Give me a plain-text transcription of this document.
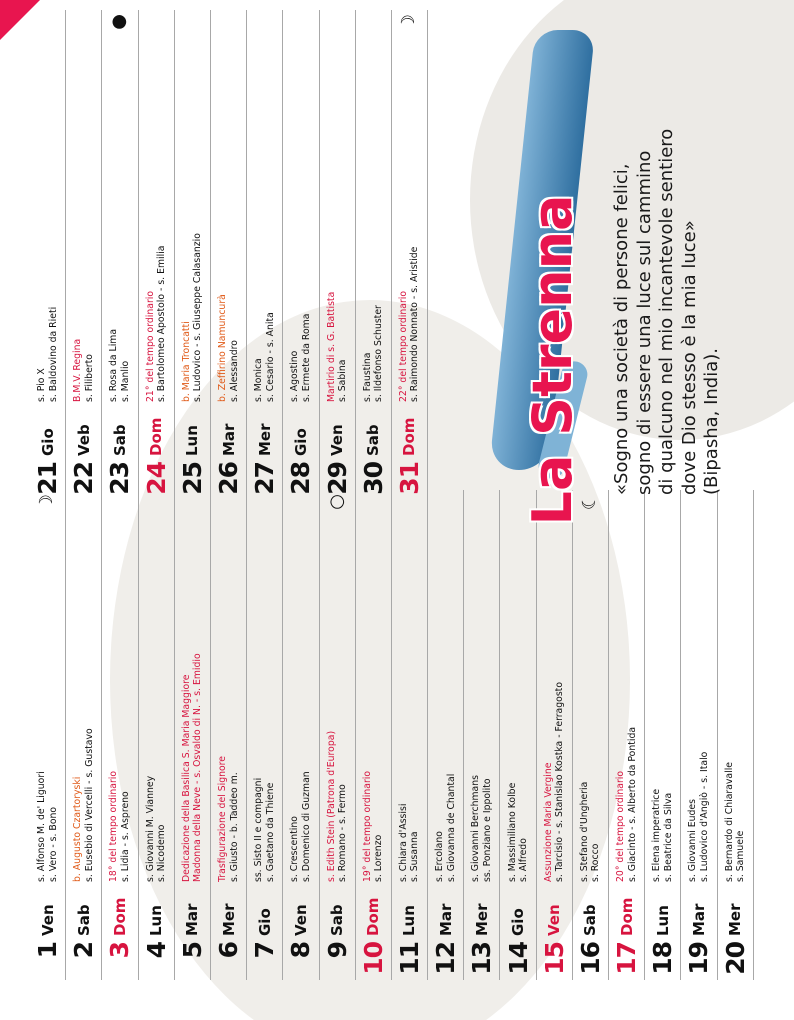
1
Ven
s. Alfonso M. de' Liguori s. Vero - s. Bono
☽
2
Sab
b. Augusto Czartoryski s. Eusebio di Vercelli - s. Gustavo
3
Dom
18° del tempo ordinario s. Lidia - s. Aspreno
4
Lun
s. Giovanni M. Vianney s. Nicodemo
5
Mar
Dedicazione della Basilica S. Maria Maggiore Madonna della Neve - s. Osvaldo di N. - s. Emidio
6
Mer
Trasfigurazione del Signore s. Giusto - b. Taddeo m.
7
Gio
ss. Sisto II e compagni s. Gaetano da Thiene
8
Ven
s. Crescentino s. Domenico di Guzman
9
Sab
s. Edith Stein (Patrona d'Europa) s. Romano - s. Fermo
○
10
Dom
19° del tempo ordinario s. Lorenzo
11
Lun
s. Chiara d'Assisi s. Susanna
12
Mar
s. Ercolano s. Giovanna de Chantal
13
Mer
s. Giovanni Berchmans ss. Ponziano e Ippolito
14
Gio
s. Massimiliano Kolbe s. Alfredo
15
Ven
Assunzione Maria Vergine s. Tarcisio - s. Stanislao Kostka - Ferragosto
16
Sab
s. Stefano d'Ungheria s. Rocco
☾
17
Dom
20° del tempo ordinario s. Giacinto - s. Alberto da Pontida
18
Lun
s. Elena imperatrice s. Beatrice da Silva
19
Mar
s. Giovanni Eudes s. Ludovico d'Angiò - s. Italo
20
Mer
s. Bernardo di Chiaravalle s. Samuele
21
Gio
s. Pio X s. Baldovino da Rieti
22
Veb
B.M.V. Regina s. Filiberto
23
Sab
s. Rosa da Lima s. Manlio
●
24
Dom
21° del tempo ordinario s. Bartolomeo Apostolo - s. Emilia
25
Lun
b. Maria Troncatti s. Ludovico - s. Giuseppe Calasanzio
26
Mar
b. Zeffirino Namuncurà s. Alessandro
27
Mer
s. Monica s. Cesario - s. Anita
28
Gio
s. Agostino s. Ermete da Roma
29
Ven
Martirio di s. G. Battista s. Sabina
30
Sab
s. Faustina s. Ildefonso Schuster
31
Dom
22° del tempo ordinario s. Raimondo Nonnato - s. Aristide
☽
La Strenna «Sogno una società di persone felici, sogno di essere una luce sul cammino di qualcuno nel mio incantevole sentiero dove Dio stesso è la mia luce» (Bipasha, India).
